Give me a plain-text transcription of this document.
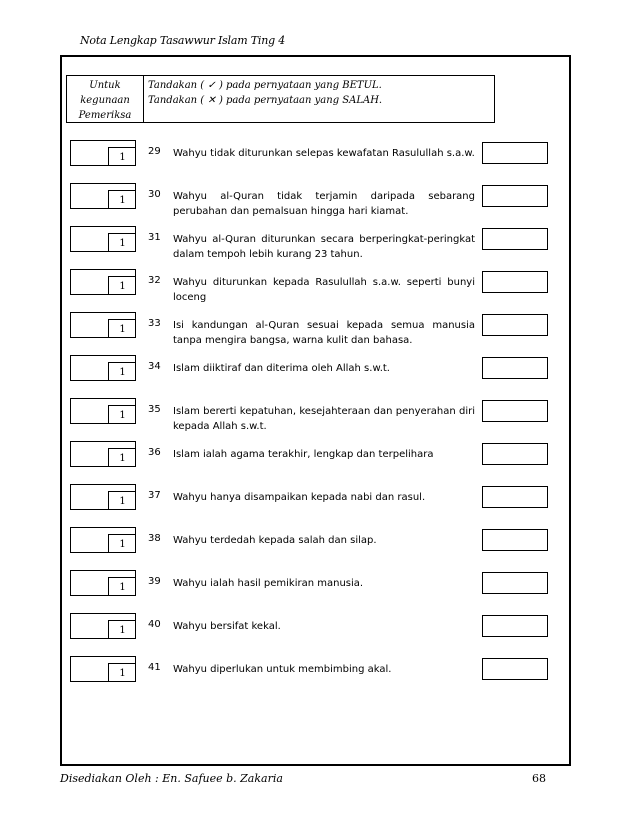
Nota Lengkap Tasawwur Islam Ting 4
Untuk
kegunaan
Pemeriksa
Tandakan ( ✓ ) pada pernyataan yang BETUL.
Tandakan ( ✕ ) pada pernyataan yang SALAH.
1	29 Wahyu tidak diturunkan selepas kewafatan Rasulullah s.a.w.
1	30 Wahyu al-Quran tidak terjamin daripada sebarang perubahan dan pemalsuan hingga hari kiamat.
1	31 Wahyu al-Quran diturunkan secara berperingkat-peringkat dalam tempoh lebih kurang 23 tahun.
1	32 Wahyu diturunkan kepada Rasulullah s.a.w. seperti bunyi loceng
1	33 Isi kandungan al-Quran sesuai kepada semua manusia tanpa mengira bangsa, warna kulit dan bahasa.
1	34 Islam diiktiraf dan diterima oleh Allah s.w.t.
1	35 Islam bererti kepatuhan, kesejahteraan dan penyerahan diri kepada Allah s.w.t.
1	36 Islam ialah agama terakhir, lengkap dan terpelihara
1	37 Wahyu hanya disampaikan kepada nabi dan rasul.
1	38 Wahyu terdedah kepada salah dan silap.
1	39 Wahyu ialah hasil pemikiran manusia.
1	40 Wahyu bersifat kekal.
1	41 Wahyu diperlukan untuk membimbing akal.
Disediakan Oleh : En. Safuee b. Zakaria	68
